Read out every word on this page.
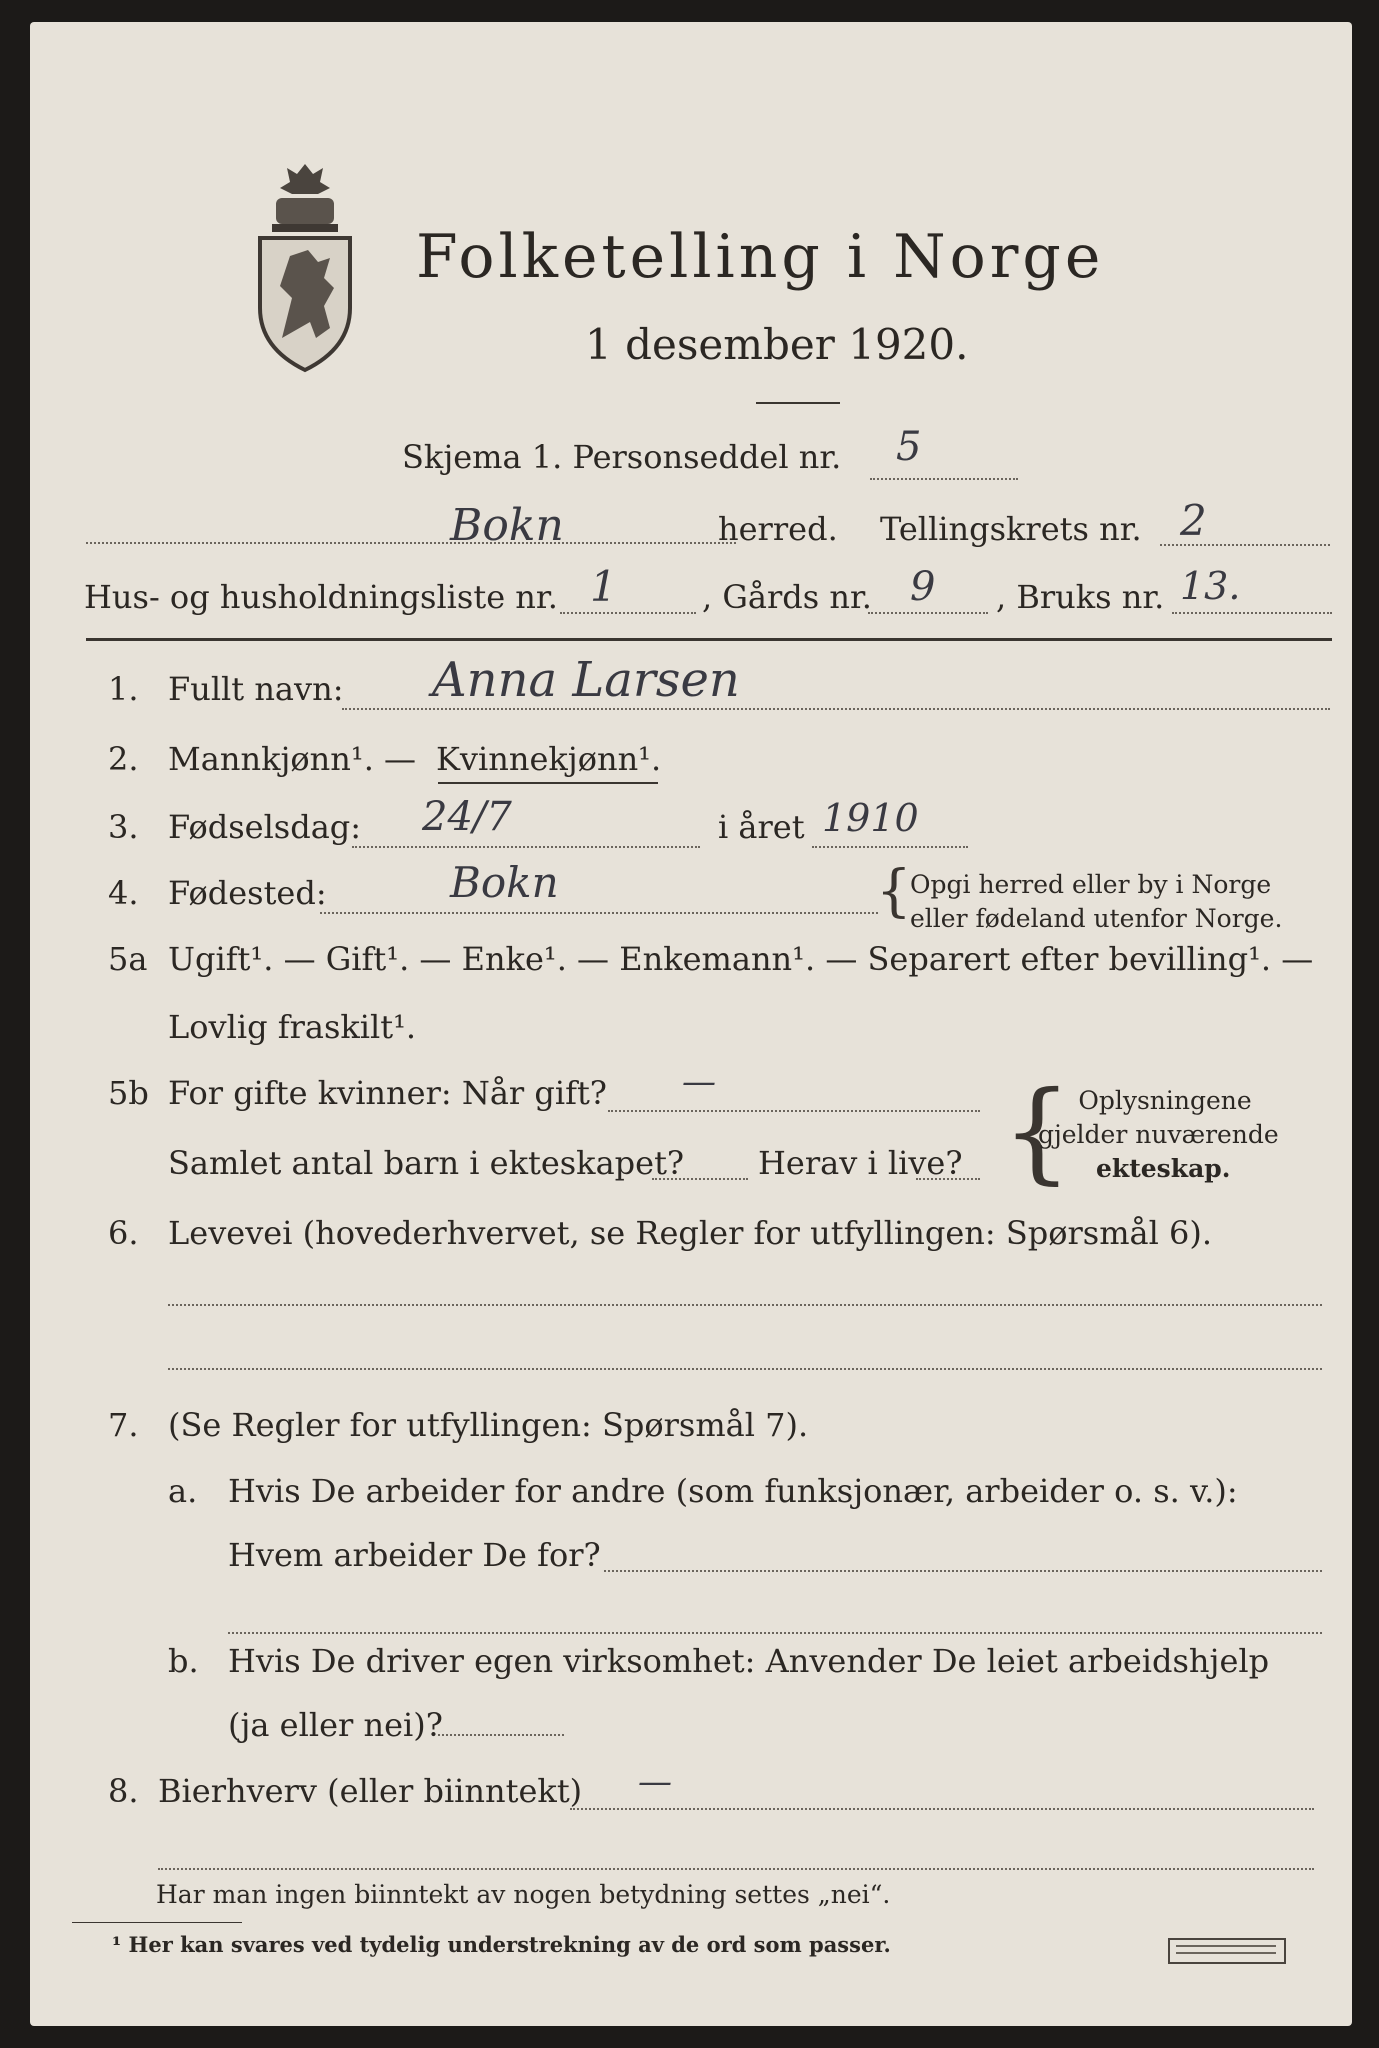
Folketelling i Norge
1 desember 1920.
Skjema 1. Personseddel nr. 5
Bokn	herred. Tellingskrets nr. 2
Hus- og husholdningsliste nr. 1	, Gårds nr. 9 , Bruks nr. 13.
1. Fullt navn: Anna Larsen
2. Mannkjønn¹. — Kvinnekjønn¹.
3. Fødselsdag: 24/7	i året 1910
4. Fødested:	Bokn	{
Opgi herred eller by i Norge
eller fødeland utenfor Norge.
5a Ugift¹. — Gift¹. — Enke¹. — Enkemann¹. — Separert efter bevilling¹. —
Lovlig fraskilt¹.
5b For gifte kvinner: Når gift? —
Samlet antal barn i ekteskapet? Herav i live? { Oplysningene
gjelder nuværende
ekteskap.
6. Levevei (hovederhvervet, se Regler for utfyllingen: Spørsmål 6).
7. (Se Regler for utfyllingen: Spørsmål 7).
a. Hvis De arbeider for andre (som funksjonær, arbeider o. s. v.):
Hvem arbeider De for?
b. Hvis De driver egen virksomhet: Anvender De leiet arbeidshjelp
(ja eller nei)?
8. Bierhverv (eller biinntekt) —
Har man ingen biinntekt av nogen betydning settes „nei“.
¹ Her kan svares ved tydelig understrekning av de ord som passer.
